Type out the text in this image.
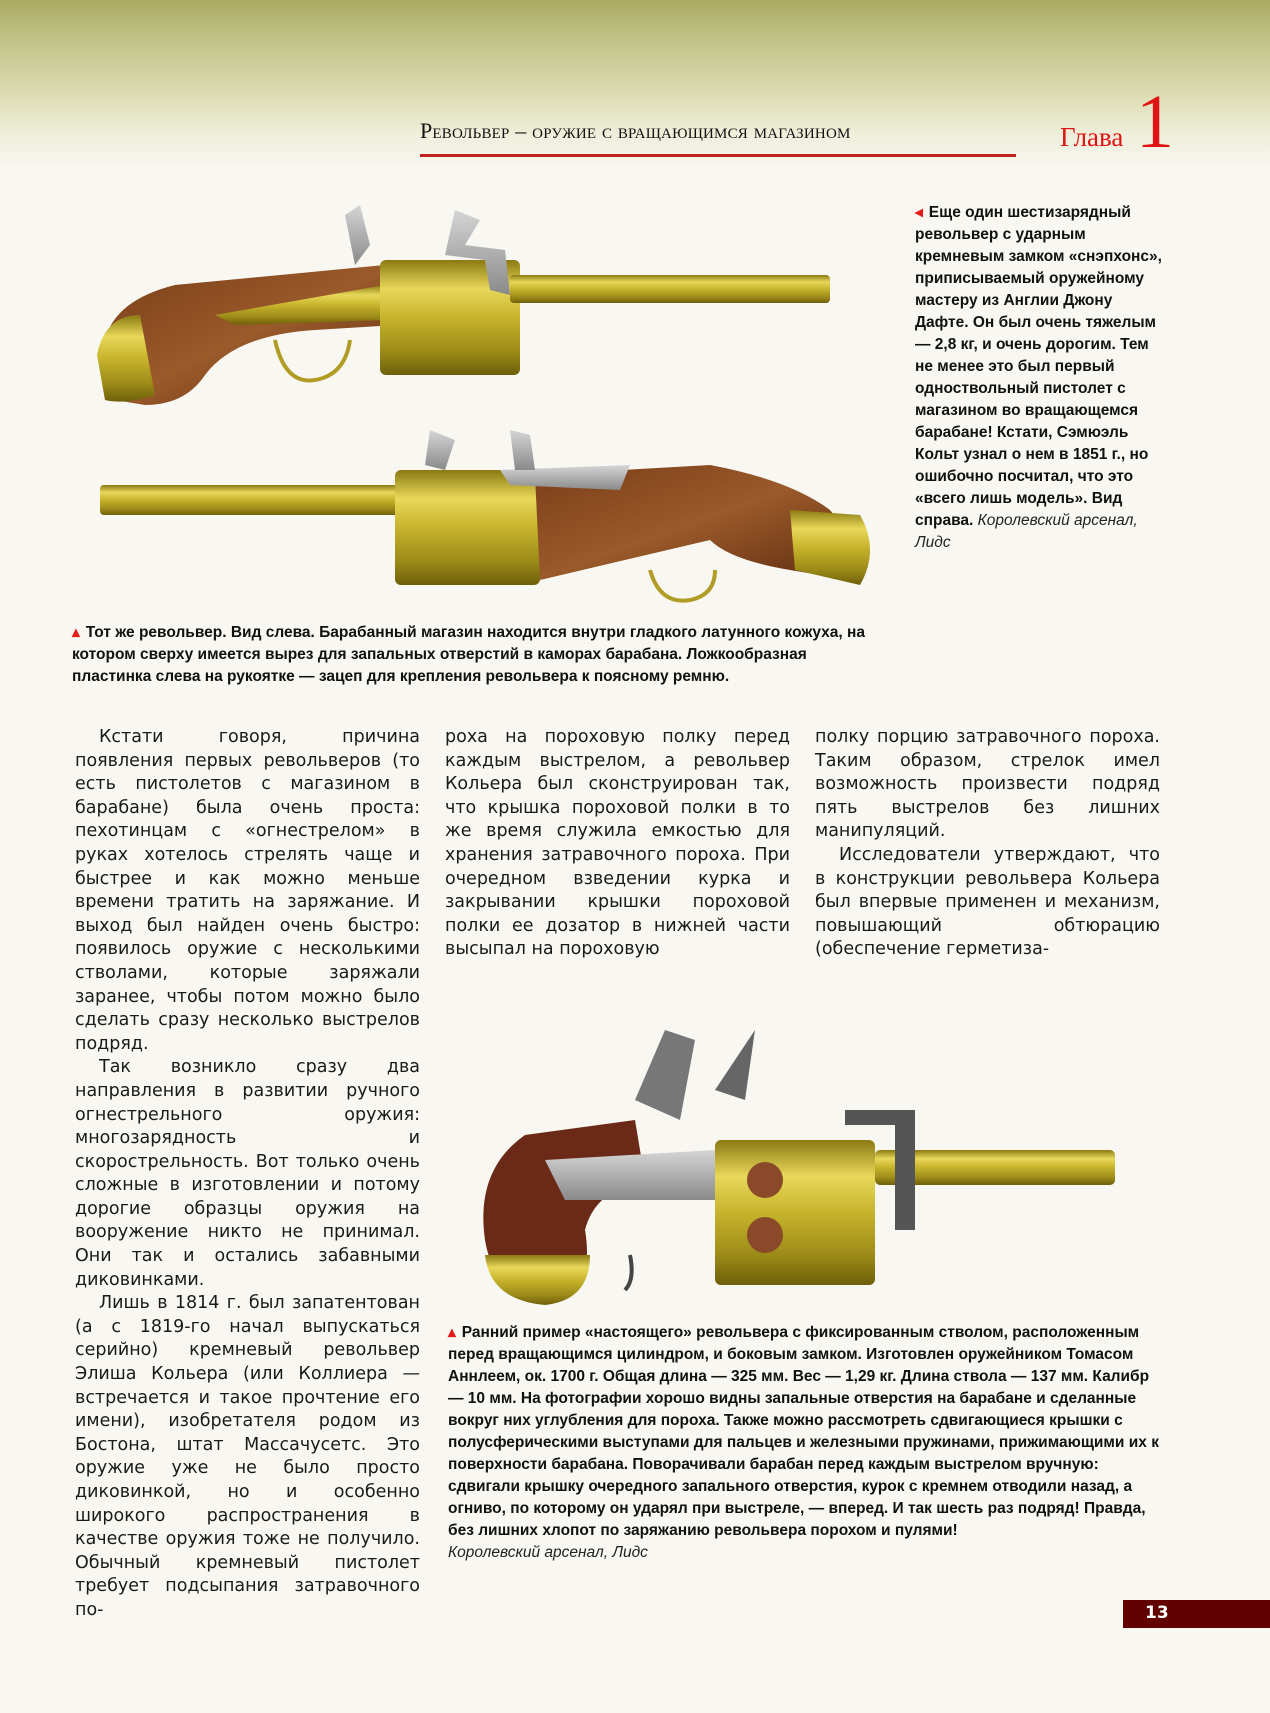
Револьвер – оружие с вращающимся магазином	Глава 1
◂ Еще один шестизарядный револьвер с ударным кремневым замком «снэпхонс», приписываемый оружейному мастеру из Англии Джону Дафте. Он был очень тяжелым — 2,8 кг, и очень дорогим. Тем не менее это был первый одноствольный пистолет с магазином во вращающемся барабане! Кстати, Сэмюэль Кольт узнал о нем в 1851 г., но ошибочно посчитал, что это «всего лишь модель». Вид справа. Королевский арсенал, Лидс
▴ Тот же револьвер. Вид слева. Барабанный магазин находится внутри гладкого латунного кожуха, на котором сверху имеется вырез для запальных отверстий в каморах барабана. Ложкообразная пластинка слева на рукоятке — зацеп для крепления револьвера к поясному ремню.

Кстати говоря, причина появления первых револьверов (то есть пистолетов с магазином в барабане) была очень проста: пехотинцам с «огнестрелом» в руках хотелось стрелять чаще и быстрее и как можно меньше времени тратить на заряжание. И выход был найден очень быстро: появилось оружие с несколькими стволами, которые заряжали заранее, чтобы потом можно было сделать сразу несколько выстрелов подряд.

Так возникло сразу два направления в развитии ручного огнестрельного оружия: многозарядность и скорострельность. Вот только очень сложные в изготовлении и потому дорогие образцы оружия на вооружение никто не принимал. Они так и остались забавными диковинками.

Лишь в 1814 г. был запатентован (а с 1819-го начал выпускаться серийно) кремневый револьвер Элиша Кольера (или Коллиера — встречается и такое прочтение его имени), изобретателя родом из Бостона, штат Массачусетс. Это оружие уже не было просто диковинкой, но и особенно широкого распространения в качестве оружия тоже не получило. Обычный кремневый пистолет требует подсыпания затравочного по-

роха на пороховую полку перед каждым выстрелом, а револьвер Кольера был сконструирован так, что крышка пороховой полки в то же время служила емкостью для хранения затравочного пороха. При очередном взведении курка и закрывании крышки пороховой полки ее дозатор в нижней части высыпал на пороховую

полку порцию затравочного пороха. Таким образом, стрелок имел возможность произвести подряд пять выстрелов без лишних манипуляций.

Исследователи утверждают, что в конструкции револьвера Кольера был впервые применен и механизм, повышающий обтюрацию (обеспечение герметиза-

▴ Ранний пример «настоящего» револьвера с фиксированным стволом, расположенным перед вращающимся цилиндром, и боковым замком. Изготовлен оружейником Томасом Аннлеем, ок. 1700 г. Общая длина — 325 мм. Вес — 1,29 кг. Длина ствола — 137 мм. Калибр — 10 мм. На фотографии хорошо видны запальные отверстия на барабане и сделанные вокруг них углубления для пороха. Также можно рассмотреть сдвигающиеся крышки с полусферическими выступами для пальцев и железными пружинами, прижимающими их к поверхности барабана. Поворачивали барабан перед каждым выстрелом вручную: сдвигали крышку очередного запального отверстия, курок с кремнем отводили назад, а огниво, по которому он ударял при выстреле, — вперед. И так шесть раз подряд! Правда, без лишних хлопот по заряжанию револьвера порохом и пулями!
Королевский арсенал, Лидс
13
